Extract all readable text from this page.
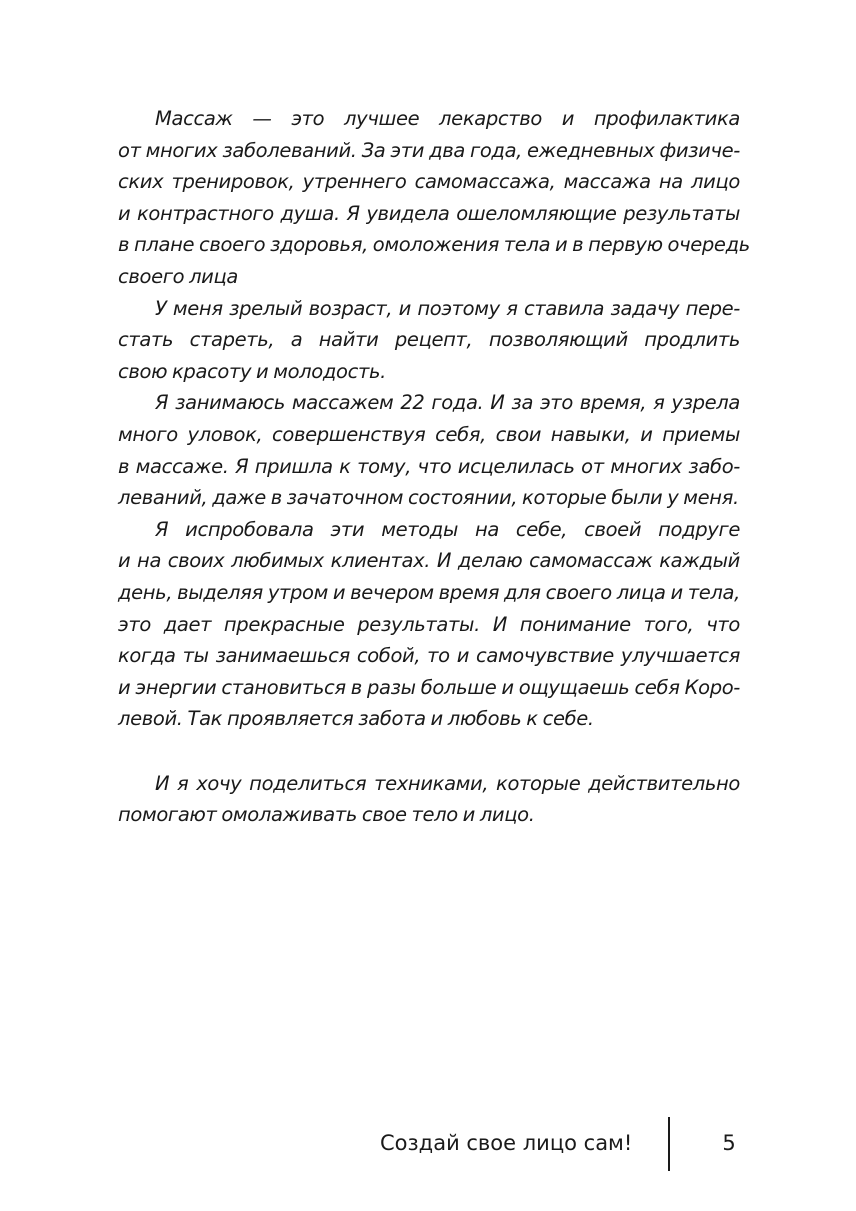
Массаж — это лучшее лекарство и профилактика
от многих заболеваний. За эти два года, ежедневных физиче-
ских тренировок, утреннего самомассажа, массажа на лицо
и контрастного душа. Я увидела ошеломляющие результаты
в плане своего здоровья, омоложения тела и в первую очередь
своего лица

У меня зрелый возраст, и поэтому я ставила задачу пере-
стать стареть, а найти рецепт, позволяющий продлить
свою красоту и молодость.

Я занимаюсь массажем 22 года. И за это время, я узрела
много уловок, совершенствуя себя, свои навыки, и приемы
в массаже. Я пришла к тому, что исцелилась от многих забо-
леваний, даже в зачаточном состоянии, которые были у меня.

Я испробовала эти методы на себе, своей подруге
и на своих любимых клиентах. И делаю самомассаж каждый
день, выделяя утром и вечером время для своего лица и тела,
это дает прекрасные результаты. И понимание того, что
когда ты занимаешься собой, то и самочувствие улучшается
и энергии становиться в разы больше и ощущаешь себя Коро-
левой. Так проявляется забота и любовь к себе.

И я хочу поделиться техниками, которые действительно
помогают омолаживать свое тело и лицо.

Создай свое лицо сам!	5
